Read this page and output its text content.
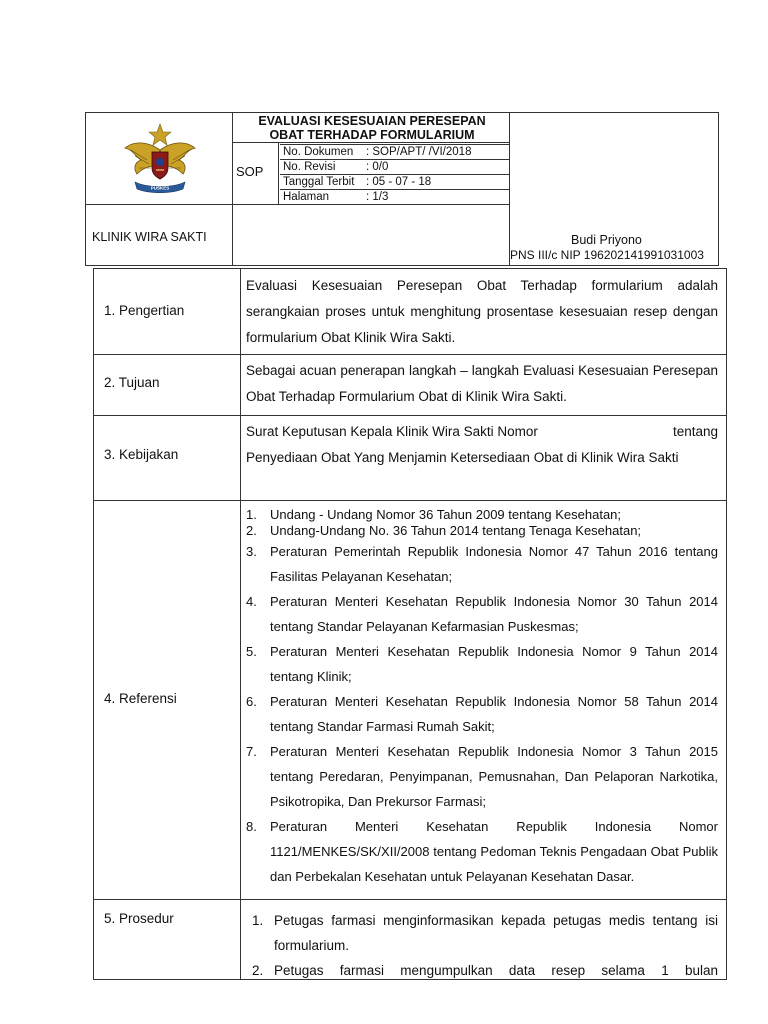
PUSKES
EVALUASI KESESUAIAN PERESEPAN
OBAT TERHADAP FORMULARIUM
SOP
No. Dokumen : SOP/APT/ /VI/2018
No. Revisi	: 0/0
Tanggal Terbit : 05 - 07 - 18
Halaman	: 1/3
KLINIK WIRA SAKTI	Budi Priyono
PNS III/c NIP 196202141991031003
1. Pengertian
Evaluasi Kesesuaian Peresepan Obat Terhadap formularium adalah serangkaian proses untuk menghitung prosentase kesesuaian resep dengan formularium Obat Klinik Wira Sakti.
2. Tujuan
Sebagai acuan penerapan langkah – langkah Evaluasi Kesesuaian Peresepan Obat Terhadap Formularium Obat di Klinik Wira Sakti.
3. Kebijakan
Surat Keputusan Kepala Klinik Wira Sakti Nomor	tentang
Penyediaan Obat Yang Menjamin Ketersediaan Obat di Klinik Wira Sakti
4. Referensi
1. Undang - Undang Nomor 36 Tahun 2009 tentang Kesehatan;
2. Undang-Undang No. 36 Tahun 2014 tentang Tenaga Kesehatan;
3. Peraturan Pemerintah Republik Indonesia Nomor 47 Tahun 2016 tentang Fasilitas Pelayanan Kesehatan;
4. Peraturan Menteri Kesehatan Republik Indonesia Nomor 30 Tahun 2014 tentang Standar Pelayanan Kefarmasian Puskesmas;
5. Peraturan Menteri Kesehatan Republik Indonesia Nomor 9 Tahun 2014 tentang Klinik;
6. Peraturan Menteri Kesehatan Republik Indonesia Nomor 58 Tahun 2014 tentang Standar Farmasi Rumah Sakit;
7. Peraturan Menteri Kesehatan Republik Indonesia Nomor 3 Tahun 2015 tentang Peredaran, Penyimpanan, Pemusnahan, Dan Pelaporan Narkotika, Psikotropika, Dan Prekursor Farmasi;
8. Peraturan Menteri Kesehatan Republik Indonesia Nomor 1121/MENKES/SK/XII/2008 tentang Pedoman Teknis Pengadaan Obat Publik dan Perbekalan Kesehatan untuk Pelayanan Kesehatan Dasar.
5. Prosedur	1. Petugas farmasi menginformasikan kepada petugas medis tentang isi formularium.
2. Petugas farmasi mengumpulkan data resep selama 1 bulan
